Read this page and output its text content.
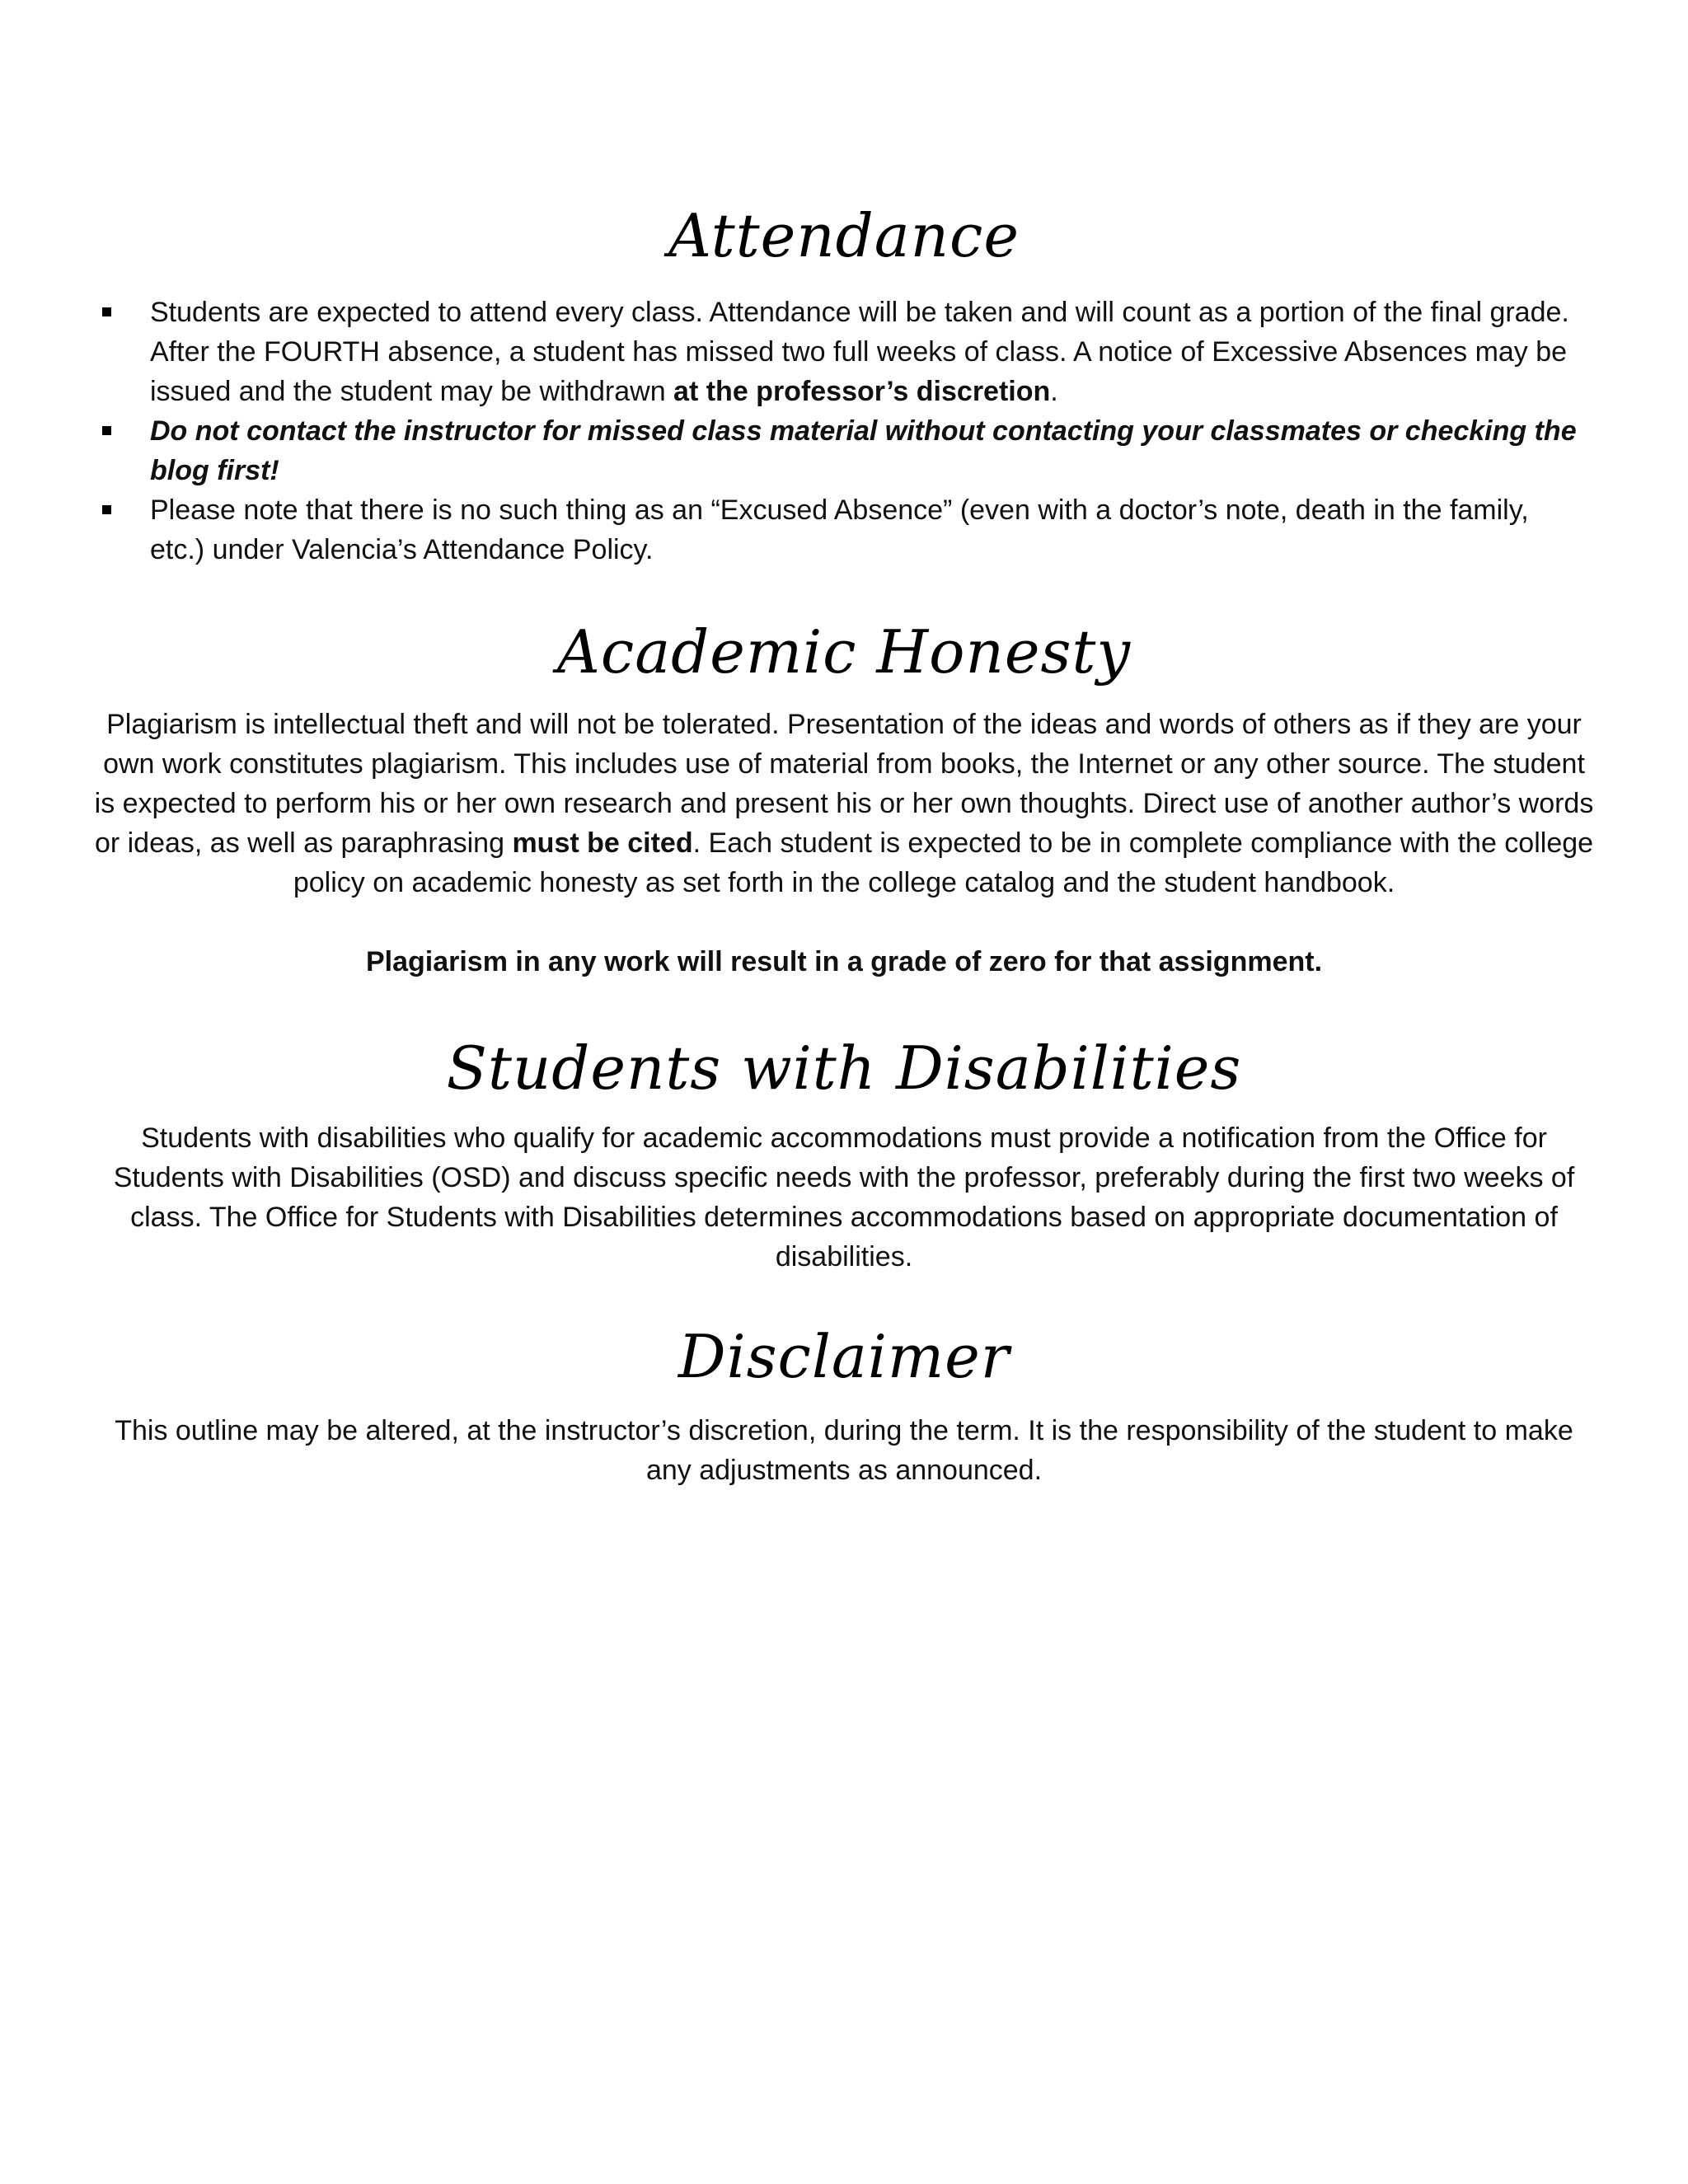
Attendance
Students are expected to attend every class. Attendance will be taken and will count as a portion of the final grade. After the FOURTH absence, a student has missed two full weeks of class. A notice of Excessive Absences may be issued and the student may be withdrawn at the professor’s discretion.
Do not contact the instructor for missed class material without contacting your classmates or checking the blog first!
Please note that there is no such thing as an “Excused Absence” (even with a doctor’s note, death in the family, etc.) under Valencia’s Attendance Policy.
Academic Honesty

Plagiarism is intellectual theft and will not be tolerated. Presentation of the ideas and words of others as if they are your own work constitutes plagiarism. This includes use of material from books, the Internet or any other source. The student is expected to perform his or her own research and present his or her own thoughts. Direct use of another author’s words or ideas, as well as paraphrasing must be cited. Each student is expected to be in complete compliance with the college policy on academic honesty as set forth in the college catalog and the student handbook.

Plagiarism in any work will result in a grade of zero for that assignment.

Students with Disabilities

Students with disabilities who qualify for academic accommodations must provide a notification from the Office for Students with Disabilities (OSD) and discuss specific needs with the professor, preferably during the first two weeks of class. The Office for Students with Disabilities determines accommodations based on appropriate documentation of disabilities.

Disclaimer

This outline may be altered, at the instructor’s discretion, during the term. It is the responsibility of the student to make any adjustments as announced.
